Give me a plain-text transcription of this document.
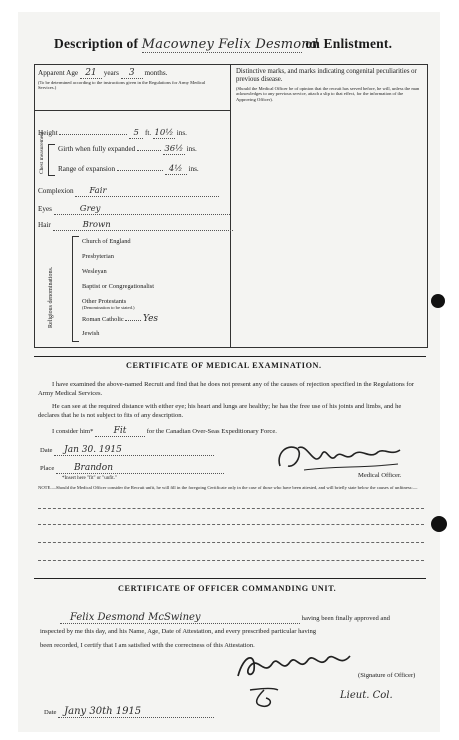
Description of Macowney Felix Desmond on Enlistment.
Apparent Age 21 years 3 months.
(To be determined according to the instructions given in the Regulations for Army Medical Services.)
Distinctive marks, and marks indicating congenital peculiarities or previous disease.
(Should the Medical Officer be of opinion that the recruit has served before, he will, unless the man acknowledges to any previous service, attach a slip to that effect, for the information of the Approving Officer).
Height	5 ft. 10½ ins.
Chest measurement Girth when fully expanded	36½ ins.
Range of expansion	4½ ins.
Complexion Fair
Eyes	Grey
Hair	Brown
Religious denominations.
Church of England
Presbyterian
Wesleyan
Baptist or Congregationalist
Other Protestants
(Denomination to be stated.)
Roman Catholic Yes
Jewish
CERTIFICATE OF MEDICAL EXAMINATION.
I have examined the above-named Recruit and find that he does not present any of the causes of rejection specified in the Regulations for Army Medical Services.
He can see at the required distance with either eye; his heart and lungs are healthy; he has the free use of his joints and limbs, and he declares that he is not subject to fits of any description.
I consider him* Fit	for the Canadian Over-Seas Expeditionary Force.
Date Jan 30. 1915
Place Brandon
Medical Officer.
*Insert here "fit" or "unfit."
NOTE.—Should the Medical Officer consider the Recruit unfit, he will fill in the foregoing Certificate only in the case of those who have been attested, and will briefly state below the causes of unfitness:—
CERTIFICATE OF OFFICER COMMANDING UNIT.
Felix Desmond McSwiney	having been finally approved and
inspected by me this day, and his Name, Age, Date of Attestation, and every prescribed particular having
been recorded, I certify that I am satisfied with the correctness of this Attestation.
(Signature of Officer)
Lieut. Col.
Date Jany 30th 1915
